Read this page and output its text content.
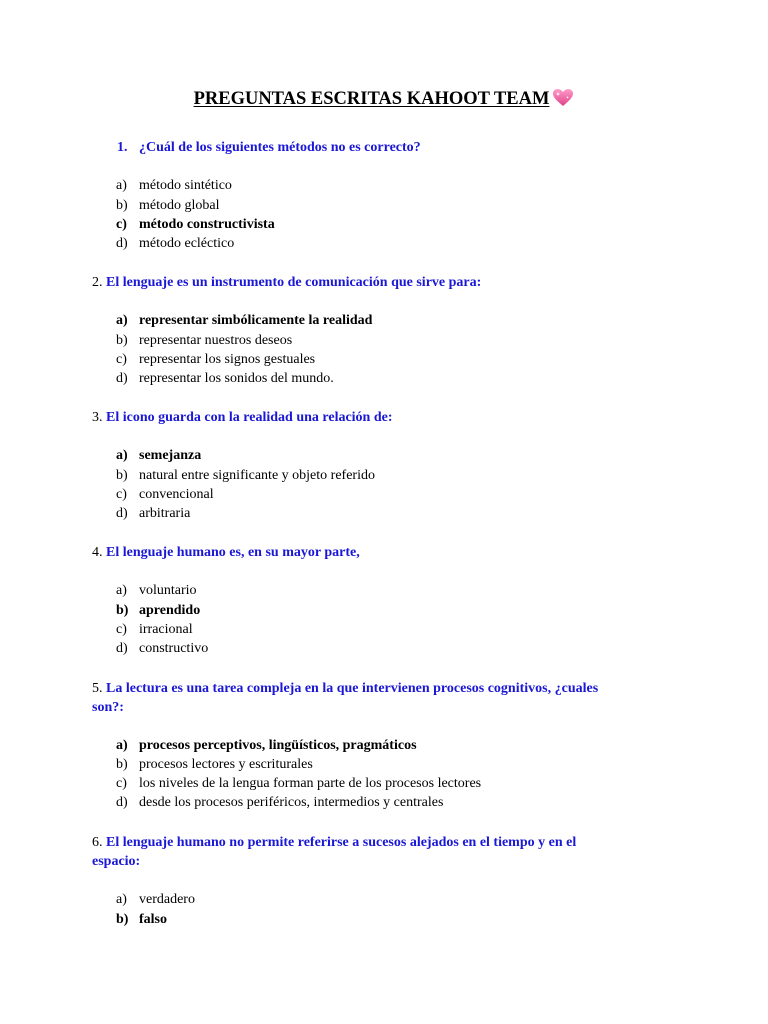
PREGUNTAS ESCRITAS KAHOOT TEAM
1. ¿Cuál de los siguientes métodos no es correcto?
a) método sintético
b) método global
c) método constructivista
d) método ecléctico
2. El lenguaje es un instrumento de comunicación que sirve para:
a) representar simbólicamente la realidad
b) representar nuestros deseos
c) representar los signos gestuales
d) representar los sonidos del mundo.
3. El icono guarda con la realidad una relación de:
a) semejanza
b) natural entre significante y objeto referido
c) convencional
d) arbitraria
4. El lenguaje humano es, en su mayor parte,
a) voluntario
b) aprendido
c) irracional
d) constructivo
5. La lectura es una tarea compleja en la que intervienen procesos cognitivos, ¿cuales
son?:
a) procesos perceptivos, lingüísticos, pragmáticos
b) procesos lectores y escriturales
c) los niveles de la lengua forman parte de los procesos lectores
d) desde los procesos periféricos, intermedios y centrales
6. El lenguaje humano no permite referirse a sucesos alejados en el tiempo y en el
espacio:
a) verdadero
b) falso
